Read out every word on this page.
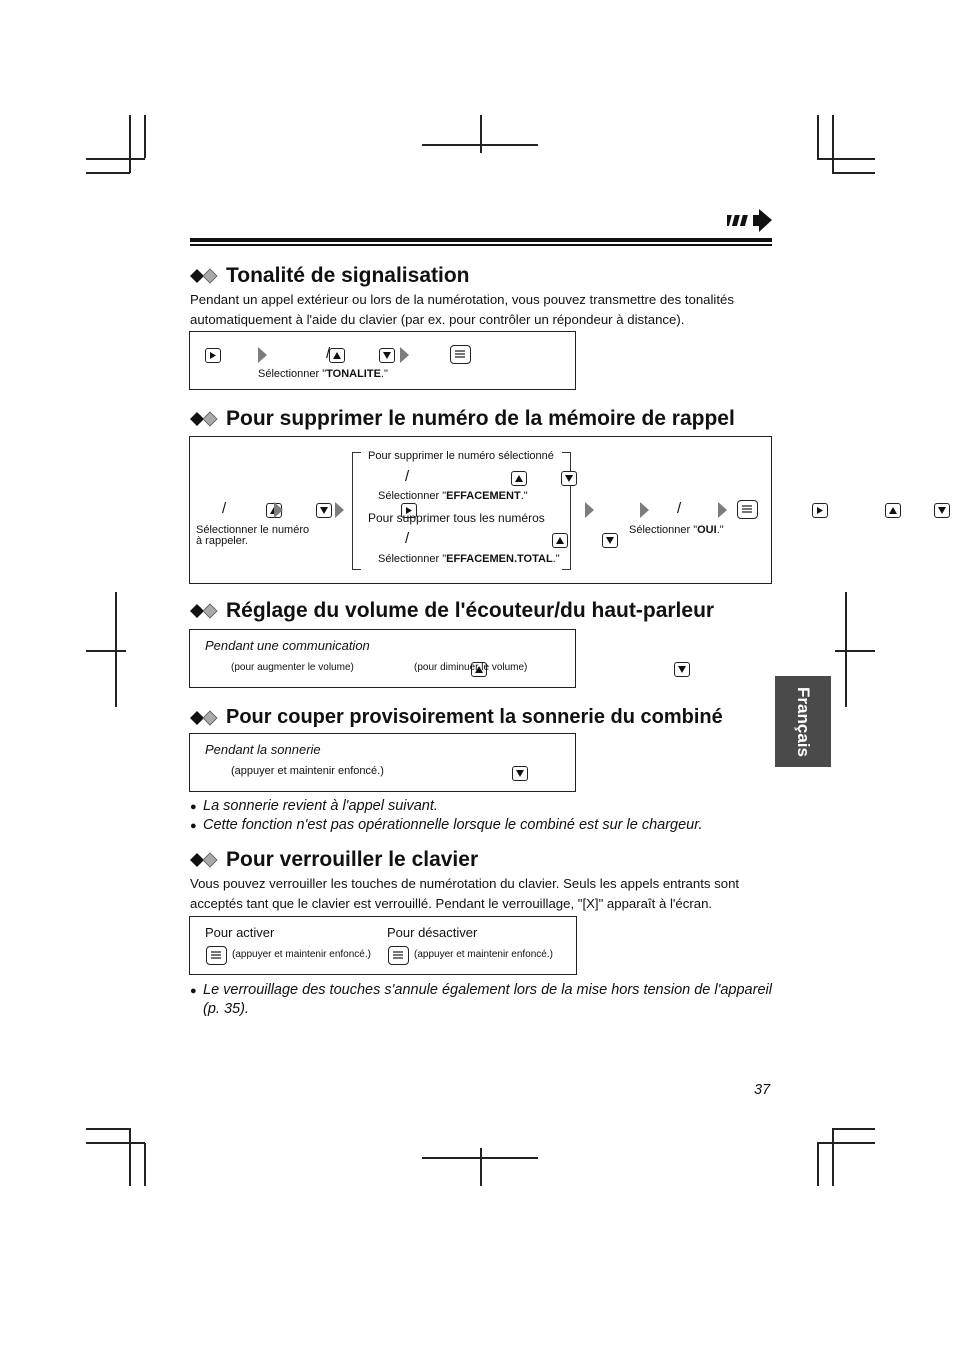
Français
Tonalité de signalisation
Pendant un appel extérieur ou lors de la numérotation, vous pouvez transmettre des tonalités automatiquement à l'aide du clavier (par ex. pour contrôler un répondeur à distance).

/

Sélectionner "TONALITE."
Pour supprimer le numéro de la mémoire de rappel

/

Sélectionner le numéro à rappeler.
Pour supprimer le numéro sélectionné

/

Sélectionner "EFFACEMENT."
Pour supprimer tous les numéros

/

Sélectionner "EFFACEMEN.TOTAL."

/

Sélectionner "OUI."
Réglage du volume de l'écouteur/du haut-parleur
Pendant une communication

(pour augmenter le volume)
	(pour diminuer le volume)
Pour couper provisoirement la sonnerie du combiné
Pendant la sonnerie
(appuyer et maintenir enfoncé.)
● La sonnerie revient à l'appel suivant.
● Cette fonction n'est pas opérationnelle lorsque le combiné est sur le chargeur.
Pour verrouiller le clavier
Vous pouvez verrouiller les touches de numérotation du clavier. Seuls les appels entrants sont acceptés tant que le clavier est verrouillé. Pendant le verrouillage, "[X]" apparaît à l'écran.
Pour activer	Pour désactiver
(appuyer et maintenir enfoncé.)	(appuyer et maintenir enfoncé.)
● Le verrouillage des touches s'annule également lors de la mise hors tension de l'appareil (p. 35).
37
